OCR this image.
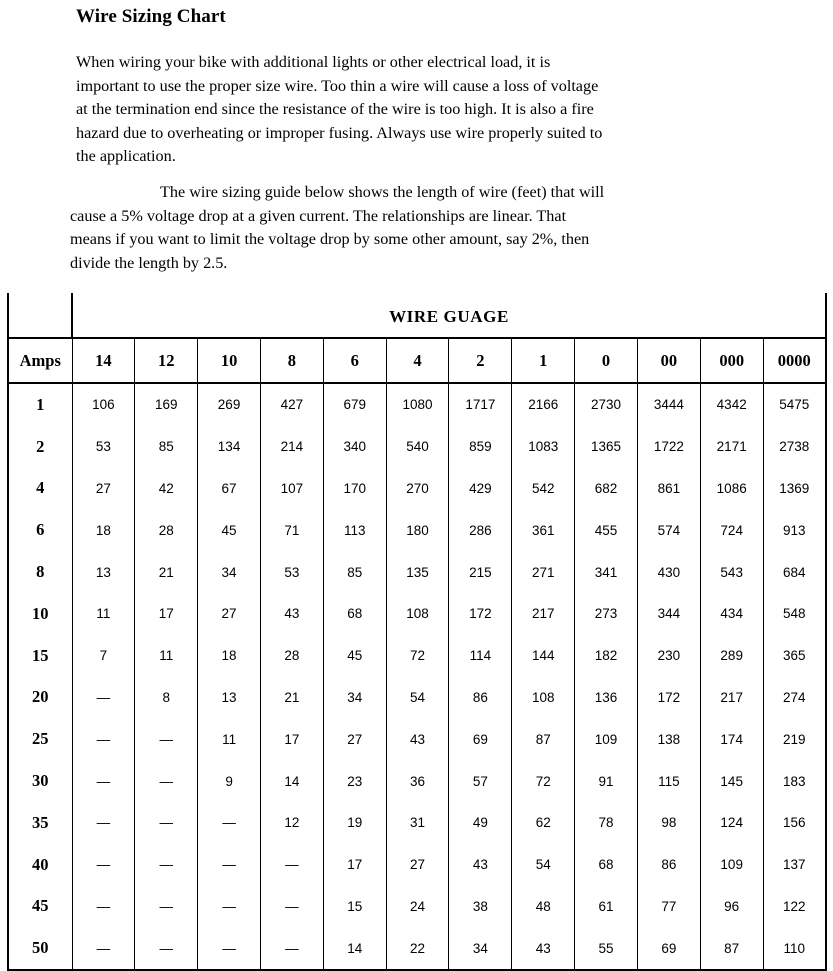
Wire Sizing Chart

When wiring your bike with additional lights or other electrical load, it is
important to use the proper size wire. Too thin a wire will cause a loss of voltage
at the termination end since the resistance of the wire is too high. It is also a fire
hazard due to overheating or improper fusing. Always use wire properly suited to
the application.

The wire sizing guide below shows the length of wire (feet) that will
cause a 5% voltage drop at a given current. The relationships are linear. That
means if you want to limit the voltage drop by some other amount, say 2%, then
divide the length by 2.5.

	WIRE GUAGE											
Amps	14	12	10	8	6	4	2	1	0	00	000	0000
1	106	169	269	427	679	1080	1717	2166	2730	3444	4342	5475
2	53	85	134	214	340	540	859	1083	1365	1722	2171	2738
4	27	42	67	107	170	270	429	542	682	861	1086	1369
6	18	28	45	71	113	180	286	361	455	574	724	913
8	13	21	34	53	85	135	215	271	341	430	543	684
10	11	17	27	43	68	108	172	217	273	344	434	548
15	7	11	18	28	45	72	114	144	182	230	289	365
20	—	8	13	21	34	54	86	108	136	172	217	274
25	—	—	11	17	27	43	69	87	109	138	174	219
30	—	—	9	14	23	36	57	72	91	115	145	183
35	—	—	—	12	19	31	49	62	78	98	124	156
40	—	—	—	—	17	27	43	54	68	86	109	137
45	—	—	—	—	15	24	38	48	61	77	96	122
50	—	—	—	—	14	22	34	43	55	69	87	110
